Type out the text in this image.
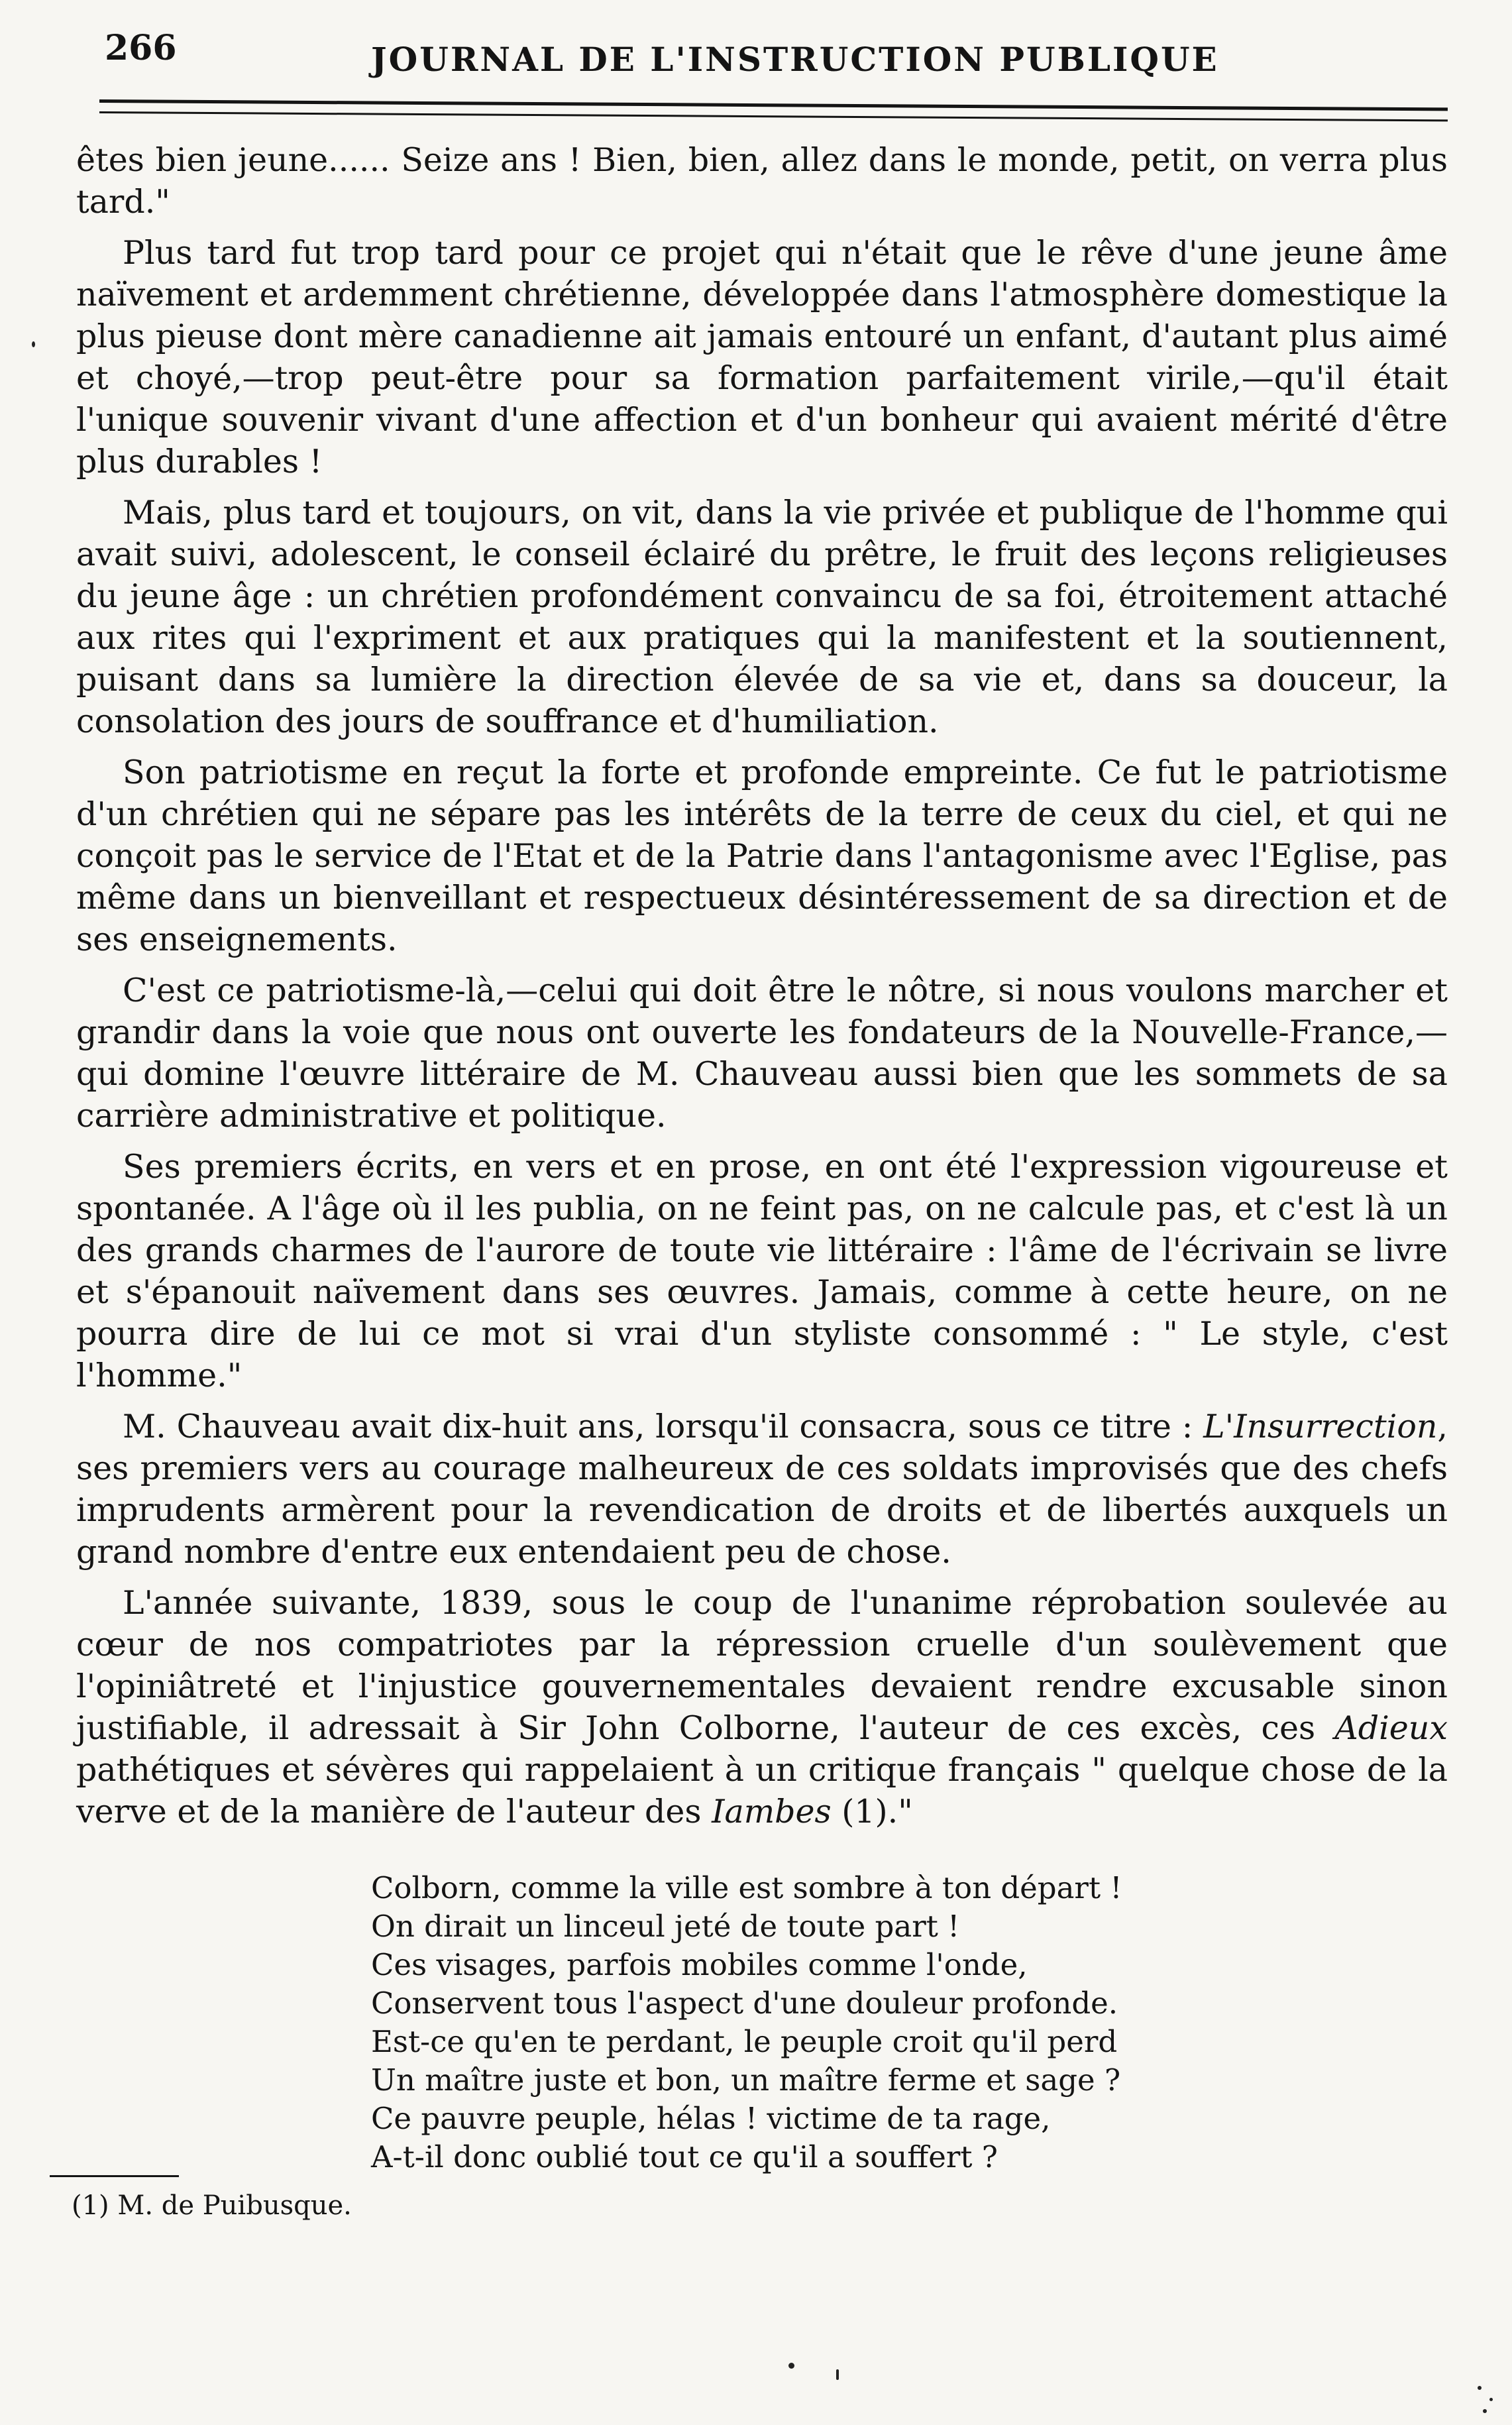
266	JOURNAL DE L'INSTRUCTION PUBLIQUE

êtes bien jeune...... Seize ans ! Bien, bien, allez dans le monde, petit, on verra plus tard."

Plus tard fut trop tard pour ce projet qui n'était que le rêve d'une jeune âme naïvement et ardemment chrétienne, développée dans l'atmosphère domestique la plus pieuse dont mère canadienne ait jamais entouré un enfant, d'autant plus aimé et choyé,—trop peut-être pour sa formation parfaitement virile,—qu'il était l'unique souvenir vivant d'une affection et d'un bonheur qui avaient mérité d'être plus durables !

Mais, plus tard et toujours, on vit, dans la vie privée et publique de l'homme qui avait suivi, adolescent, le conseil éclairé du prêtre, le fruit des leçons religieuses du jeune âge : un chrétien profondément convaincu de sa foi, étroitement attaché aux rites qui l'expriment et aux pratiques qui la manifestent et la soutiennent, puisant dans sa lumière la direction élevée de sa vie et, dans sa douceur, la consolation des jours de souffrance et d'humiliation.

Son patriotisme en reçut la forte et profonde empreinte. Ce fut le patriotisme d'un chrétien qui ne sépare pas les intérêts de la terre de ceux du ciel, et qui ne conçoit pas le service de l'Etat et de la Patrie dans l'antagonisme avec l'Eglise, pas même dans un bienveillant et respectueux désintéressement de sa direction et de ses enseignements.

C'est ce patriotisme-là,—celui qui doit être le nôtre, si nous voulons marcher et grandir dans la voie que nous ont ouverte les fondateurs de la Nouvelle-France,—qui domine l'œuvre littéraire de M. Chauveau aussi bien que les sommets de sa carrière administrative et politique.

Ses premiers écrits, en vers et en prose, en ont été l'expression vigoureuse et spontanée. A l'âge où il les publia, on ne feint pas, on ne calcule pas, et c'est là un des grands charmes de l'aurore de toute vie littéraire : l'âme de l'écrivain se livre et s'épanouit naïvement dans ses œuvres. Jamais, comme à cette heure, on ne pourra dire de lui ce mot si vrai d'un styliste consommé : " Le style, c'est l'homme."

M. Chauveau avait dix-huit ans, lorsqu'il consacra, sous ce titre : L'Insurrection, ses premiers vers au courage malheureux de ces soldats improvisés que des chefs imprudents armèrent pour la revendication de droits et de libertés auxquels un grand nombre d'entre eux entendaient peu de chose.

L'année suivante, 1839, sous le coup de l'unanime réprobation soulevée au cœur de nos compatriotes par la répression cruelle d'un soulèvement que l'opiniâtreté et l'injustice gouvernementales devaient rendre excusable sinon justifiable, il adressait à Sir John Colborne, l'auteur de ces excès, ces Adieux pathétiques et sévères qui rappelaient à un critique français " quelque chose de la verve et de la manière de l'auteur des Iambes (1)."

Colborn, comme la ville est sombre à ton départ !
On dirait un linceul jeté de toute part !
Ces visages, parfois mobiles comme l'onde,
Conservent tous l'aspect d'une douleur profonde.
Est-ce qu'en te perdant, le peuple croit qu'il perd
Un maître juste et bon, un maître ferme et sage ?
Ce pauvre peuple, hélas ! victime de ta rage,
A-t-il donc oublié tout ce qu'il a souffert ?
(1) M. de Puibusque.
